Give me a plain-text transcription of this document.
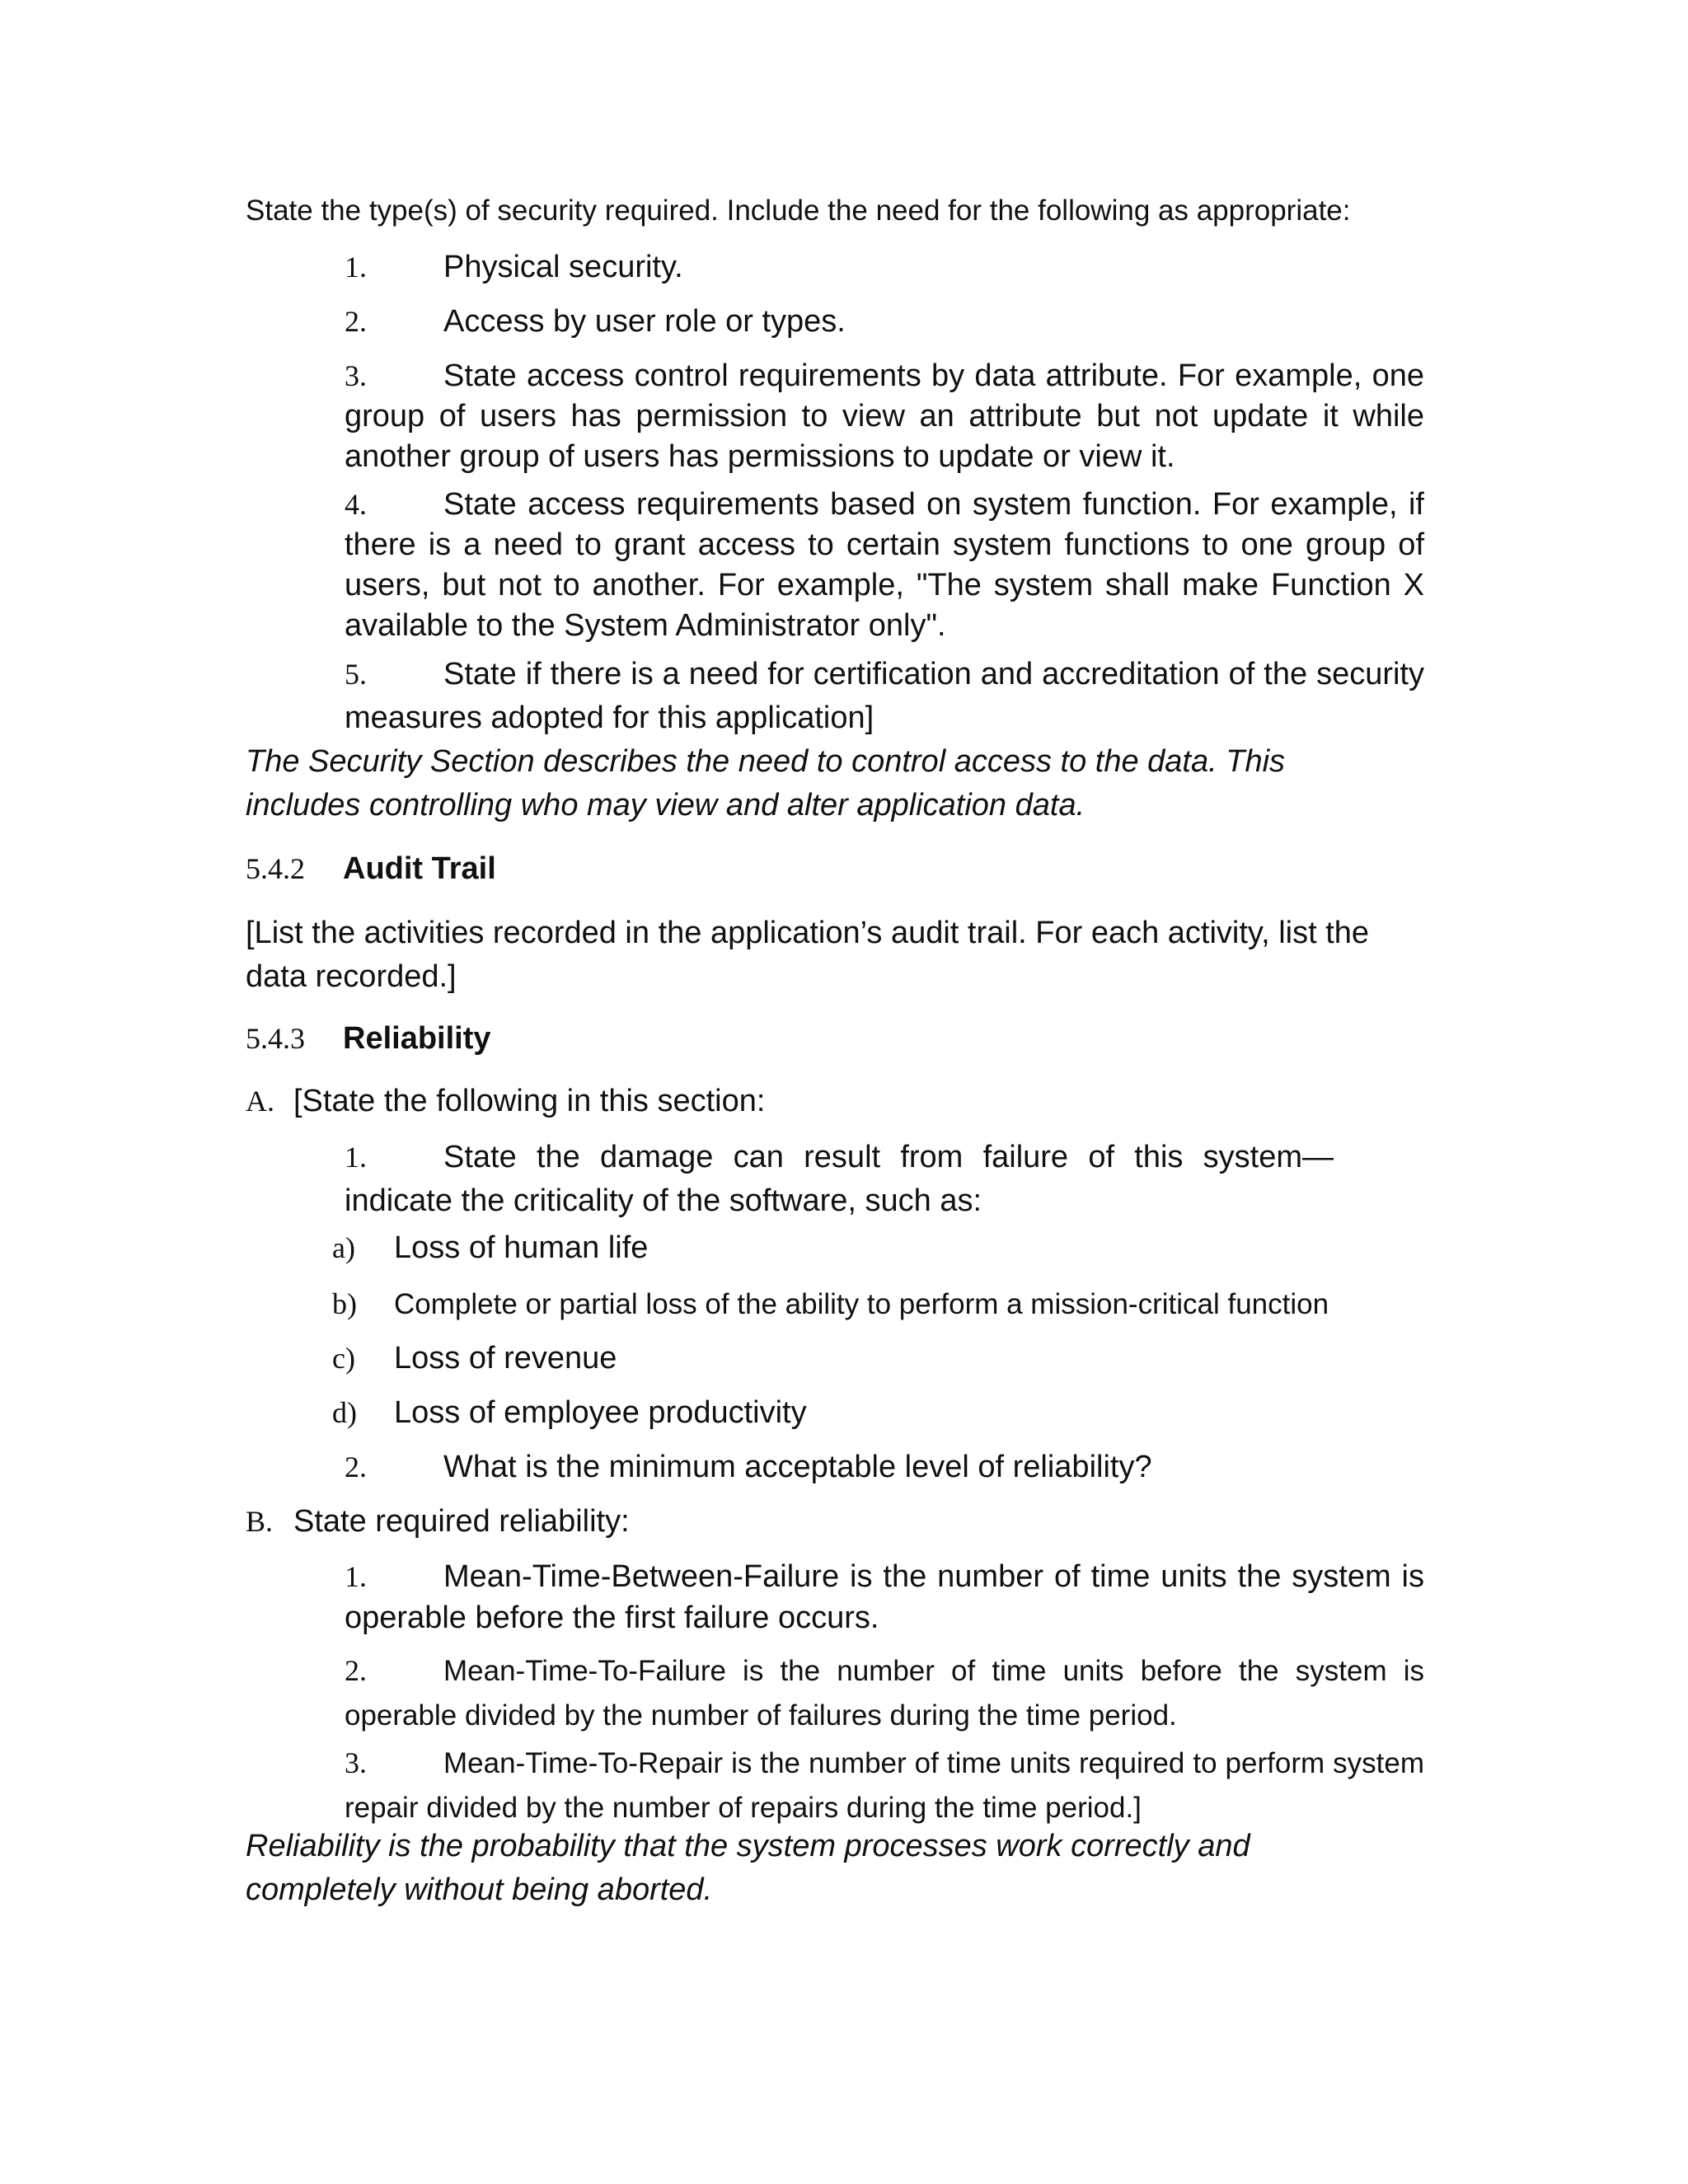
State the type(s) of security required. Include the need for the following as appropriate:

1. Physical security.

2. Access by user role or types.

3. State access control requirements by data attribute. For example, one group of users has permission to view an attribute but not update it while another group of users has permissions to update or view it.

4. State access requirements based on system function. For example, if there is a need to grant access to certain system functions to one group of users, but not to another. For example, "The system shall make Function X available to the System Administrator only".

5. State if there is a need for certification and accreditation of the security measures adopted for this application]

The Security Section describes the need to control access to the data. This includes controlling who may view and alter application data.

5.4.2 Audit Trail

[List the activities recorded in the application’s audit trail. For each activity, list the data recorded.]

5.4.3 Reliability

A. [State the following in this section:

1. State the damage can result from failure of this system—indicate the criticality of the software, such as:

a) Loss of human life

b) Complete or partial loss of the ability to perform a mission-critical function

c) Loss of revenue

d) Loss of employee productivity

2. What is the minimum acceptable level of reliability?

B. State required reliability:

1. Mean-Time-Between-Failure is the number of time units the system is operable before the first failure occurs.

2.	Mean-Time-To-Failure is the number of time units before the system is operable divided by the number of failures during the time period.

3.	Mean-Time-To-Repair is the number of time units required to perform system repair divided by the number of repairs during the time period.]

Reliability is the probability that the system processes work correctly and completely without being aborted.
